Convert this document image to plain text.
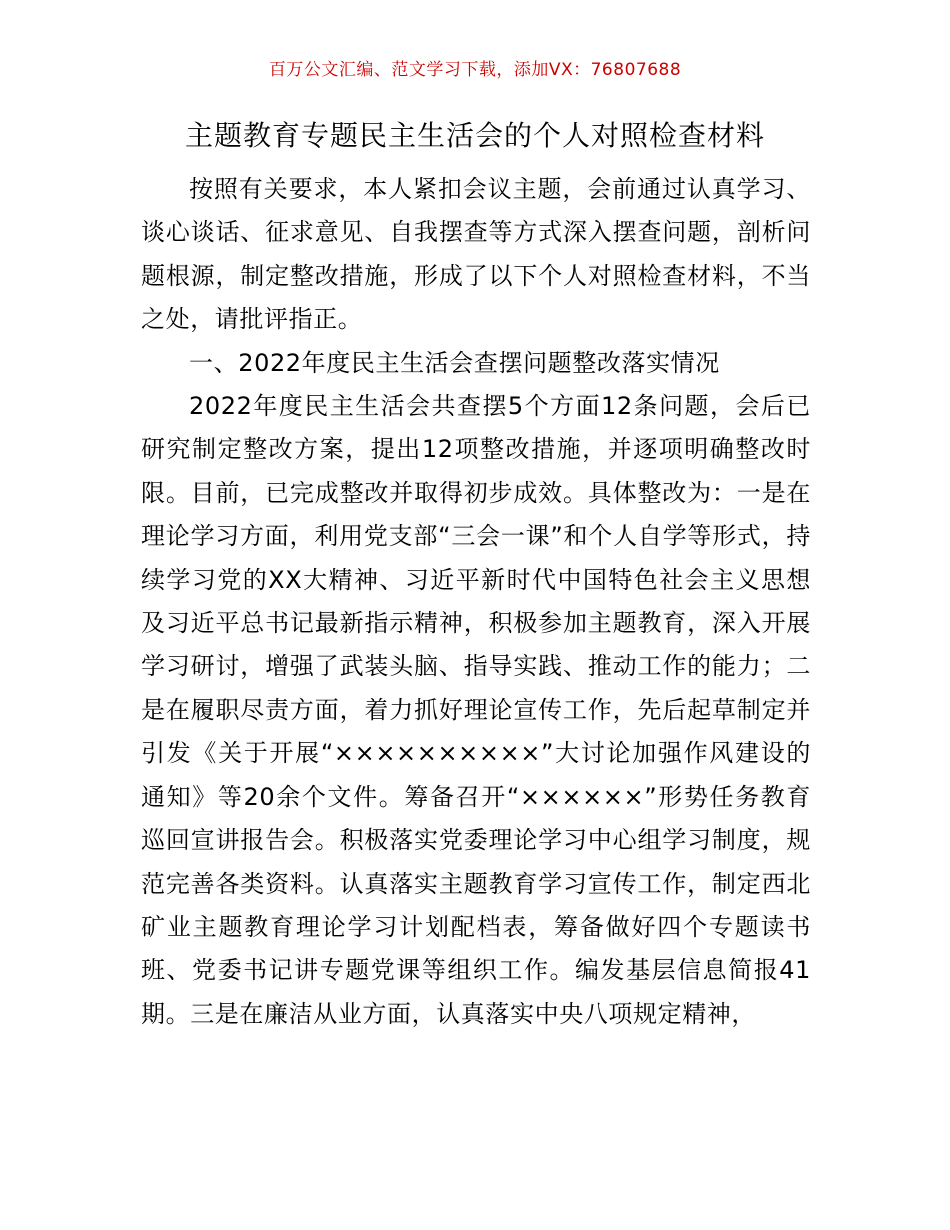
百万公文汇编、范文学习下载，添加VX：76807688
主题教育专题民主生活会的个人对照检查材料

按照有关要求，本人紧扣会议主题，会前通过认真学习、谈心谈话、征求意见、自我摆查等方式深入摆查问题，剖析问题根源，制定整改措施，形成了以下个人对照检查材料，不当之处，请批评指正。

一、2022年度民主生活会查摆问题整改落实情况

2022年度民主生活会共查摆5个方面12条问题，会后已研究制定整改方案，提出12项整改措施，并逐项明确整改时限。目前，已完成整改并取得初步成效。具体整改为：一是在理论学习方面，利用党支部“三会一课”和个人自学等形式，持续学习党的XX大精神、习近平新时代中国特色社会主义思想及习近平总书记最新指示精神，积极参加主题教育，深入开展学习研讨，增强了武装头脑、指导实践、推动工作的能力；二是在履职尽责方面，着力抓好理论宣传工作，先后起草制定并引发《关于开展“××××××××××”大讨论加强作风建设的通知》等20余个文件。筹备召开“××××××”形势任务教育巡回宣讲报告会。积极落实党委理论学习中心组学习制度，规范完善各类资料。认真落实主题教育学习宣传工作，制定西北矿业主题教育理论学习计划配档表，筹备做好四个专题读书班、党委书记讲专题党课等组织工作。编发基层信息简报41期。三是在廉洁从业方面，认真落实中央八项规定精神，
